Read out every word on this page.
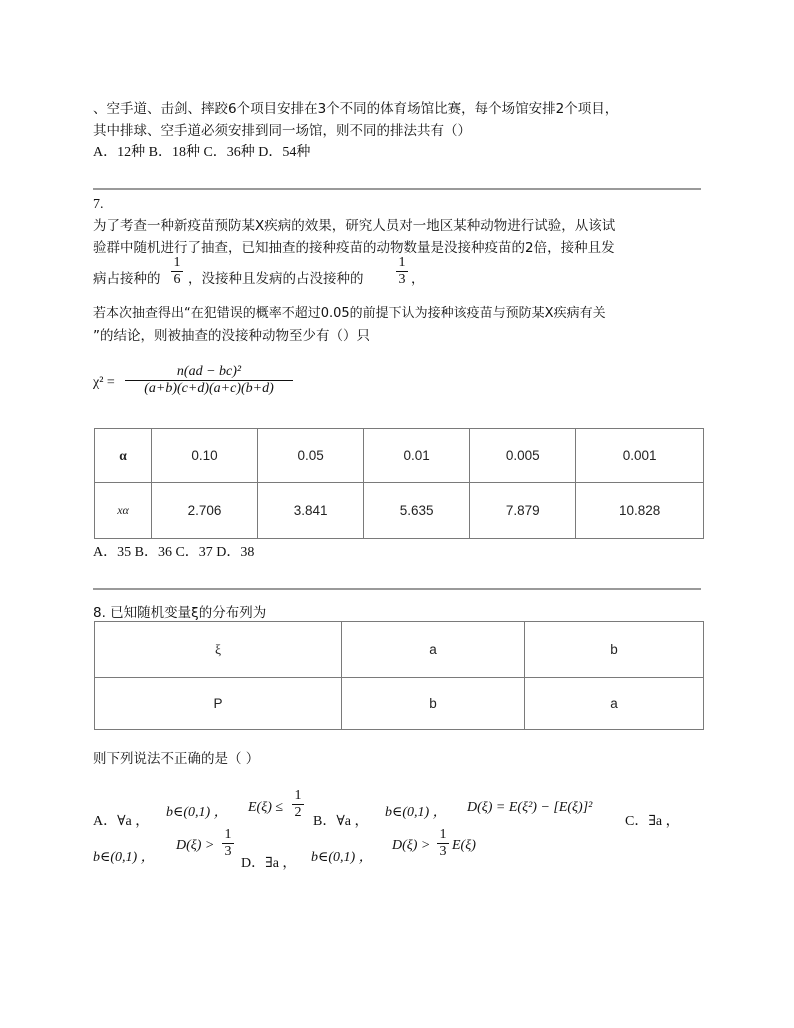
、空手道、击剑、摔跤6个项目安排在3个不同的体育场馆比赛，每个场馆安排2个项目，
其中排球、空手道必须安排到同一场馆，则不同的排法共有（）
A．12种 B．18种 C．36种 D．54种
7.
为了考查一种新疫苗预防某X疾病的效果，研究人员对一地区某种动物进行试验，从该试
验群中随机进行了抽查，已知抽查的接种疫苗的动物数量是没接种疫苗的2倍，接种且发
病占接种的 $\frac{1}{6}$ ，没接种且发病的占没接种的 $\frac{1}{3}$ ，
若本次抽查得出“在犯错误的概率不超过0.05的前提下认为接种该疫苗与预防某X疾病有关
”的结论，则被抽查的没接种动物至少有（）只
$\chi^2 = \frac{\text{n(ad − bc)²}}{(a+b)(c+d)(a+c)(b+d)}$
α	0.10	0.05	0.01	0.005	0.001
xα	2.706	3.841	5.635	7.879	10.828
A．35 B．36 C．37 D．38
8. 已知随机变量ξ的分布列为
ξ	a	b
P	b	a
则下列说法不正确的是（ ）
A．∀a ，
b∈(0,1) ， $E(\xi) \le \frac{1}{2}$
B．∀a ，
b∈(0,1) ， D(ξ) = E(ξ²) − [E(ξ)]²
C．∃a ，
b∈(0,1) ，
$D(\xi) > \frac{1}{3}$
D．∃a ， b∈(0,1) ，
$D(\xi) > \frac{1}{3} E(\xi)$
